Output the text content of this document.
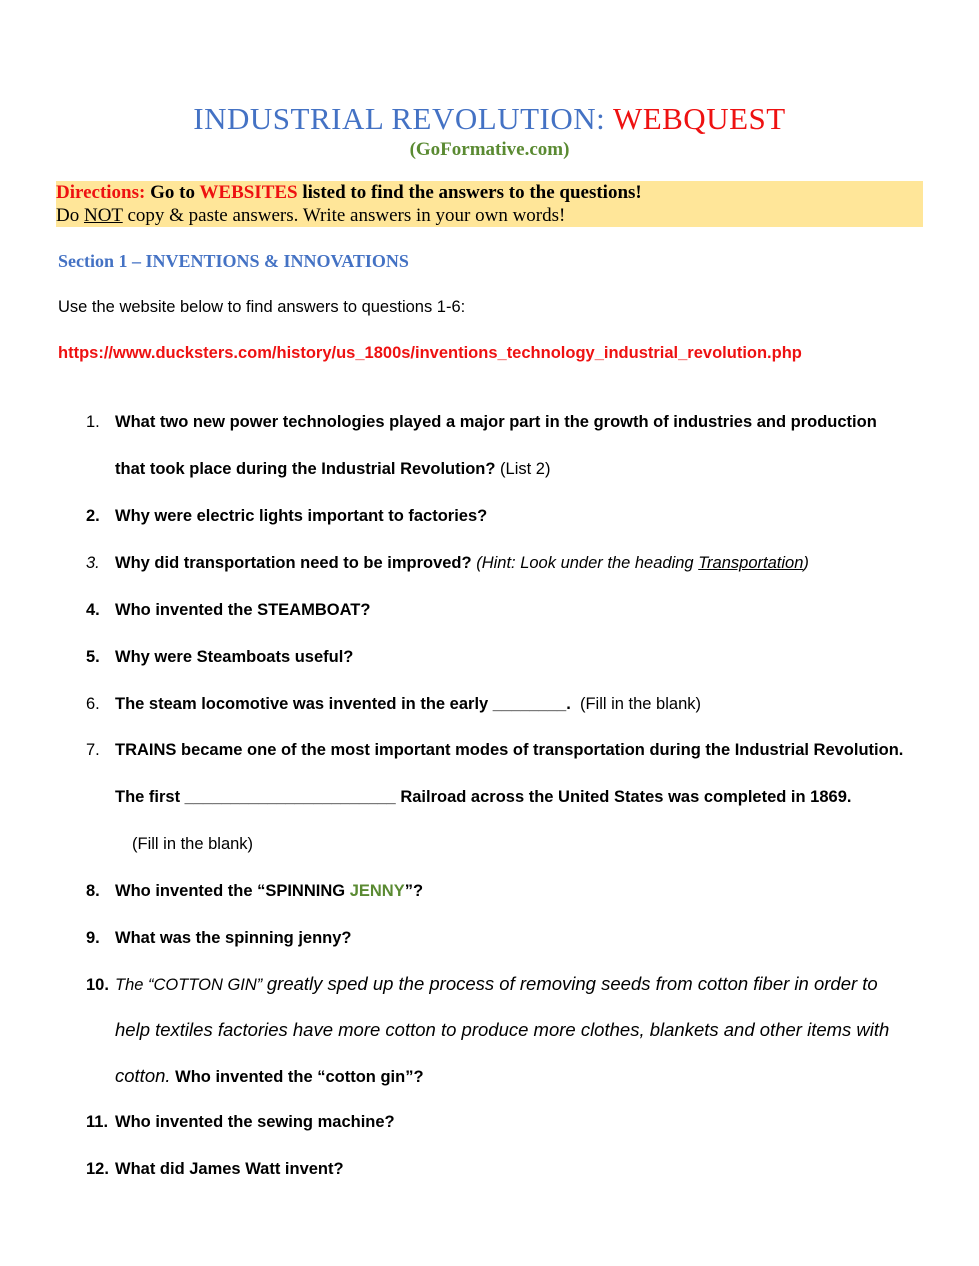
INDUSTRIAL REVOLUTION: WEBQUEST
(GoFormative.com)
Directions: Go to WEBSITES listed to find the answers to the questions!
Do NOT copy & paste answers. Write answers in your own words!
Section 1 – INVENTIONS & INNOVATIONS
Use the website below to find answers to questions 1-6:
https://www.ducksters.com/history/us_1800s/inventions_technology_industrial_revolution.php
1. What two new power technologies played a major part in the growth of industries and production
that took place during the Industrial Revolution? (List 2)
2. Why were electric lights important to factories?
3. Why did transportation need to be improved? (Hint: Look under the heading Transportation)
4. Who invented the STEAMBOAT?
5. Why were Steamboats useful?
6. The steam locomotive was invented in the early ________. (Fill in the blank)
7. TRAINS became one of the most important modes of transportation during the Industrial Revolution.
The first _______________________ Railroad across the United States was completed in 1869.
(Fill in the blank)
8. Who invented the “SPINNING JENNY”?
9. What was the spinning jenny?
10. The “COTTON GIN” greatly sped up the process of removing seeds from cotton fiber in order to
help textiles factories have more cotton to produce more clothes, blankets and other items with
cotton. Who invented the “cotton gin”?
11. Who invented the sewing machine?
12. What did James Watt invent?
